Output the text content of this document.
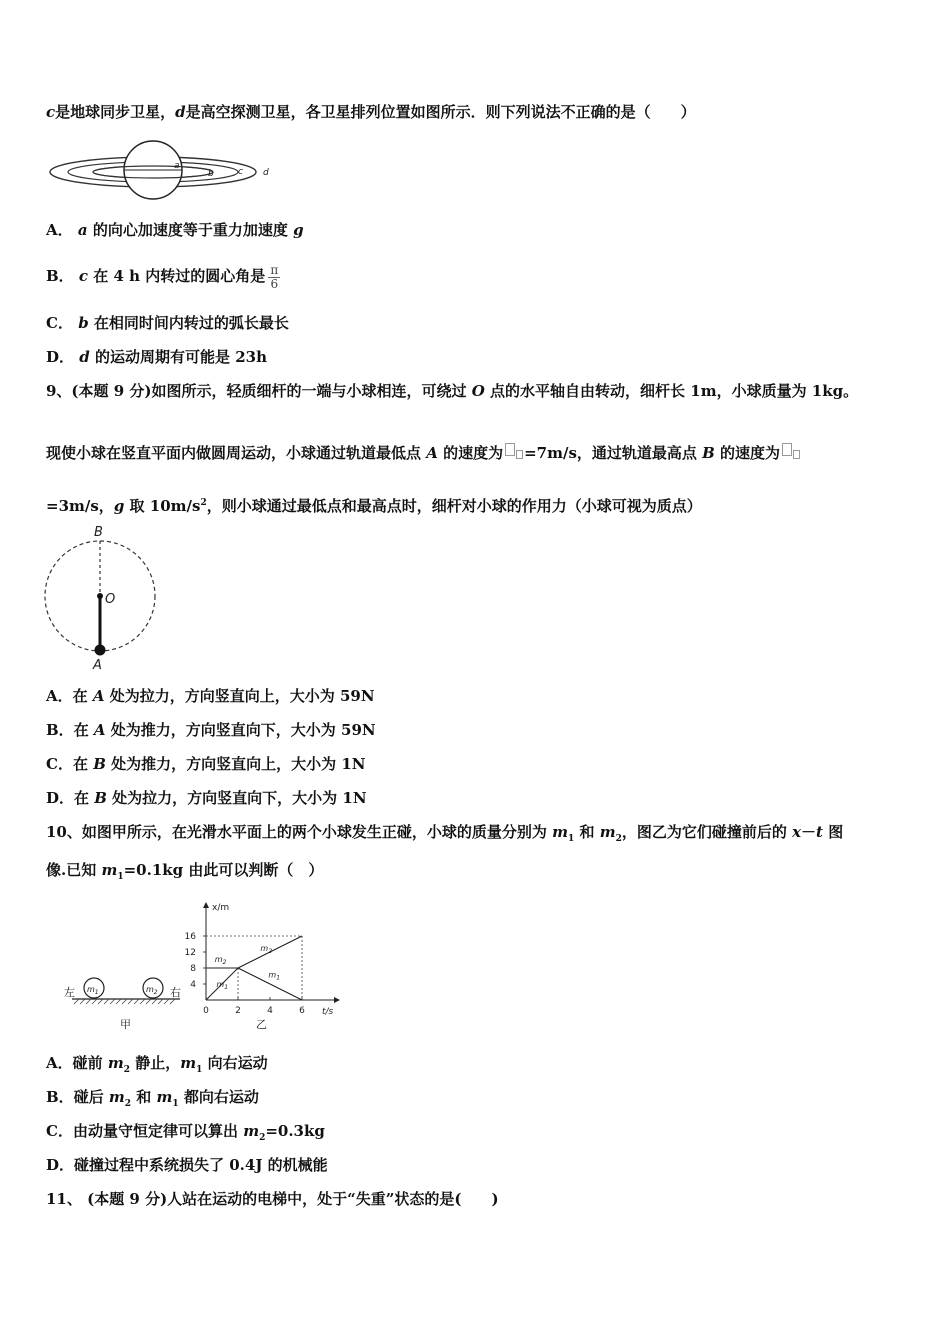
c是地球同步卫星，d是高空探测卫星，各卫星排列位置如图所示．则下列说法不正确的是（　　）
a
b	c d
A． a 的向心加速度等于重力加速度 g
B． c 在 4 h 内转过的圆心角是 $\frac{\pi}{6}$
C． b 在相同时间内转过的弧长最长
D． d 的运动周期有可能是 23h
9、(本题 9 分)如图所示，轻质细杆的一端与小球相连，可绕过 O 点的水平轴自由转动，细杆长 1m，小球质量为 1kg。
现使小球在竖直平面内做圆周运动，小球通过轨道最低点 A 的速度为 =7m/s，通过轨道最高点 B 的速度为
=3m/s，g 取 $10m/s^2$，则小球通过最低点和最高点时，细杆对小球的作用力（小球可视为质点）
B
O
A
A．在 A 处为拉力，方向竖直向上，大小为 59N
B．在 A 处为推力，方向竖直向下，大小为 59N
C．在 B 处为推力，方向竖直向上，大小为 1N
D．在 B 处为拉力，方向竖直向下，大小为 1N
10、如图甲所示，在光滑水平面上的两个小球发生正碰，小球的质量分别为 $m_1$ 和 $m_2$，图乙为它们碰撞前后的 x－t 图
像.已知 $m_1=0.1kg$ 由此可以判断（　）
左 $m_1$	$m_2$ 右
甲
x/m
t/s
乙
4
8
12
16
0	2	4	6
$m_2$
$m_1$
$m_2$
$m_1$
A．碰前 $m_2$ 静止，$m_1$ 向右运动
B．碰后 $m_2$ 和 $m_1$ 都向右运动
C．由动量守恒定律可以算出 $m_2=0.3kg$
D．碰撞过程中系统损失了 0.4J 的机械能
11、 (本题 9 分)人站在运动的电梯中，处于“失重”状态的是(　　)
